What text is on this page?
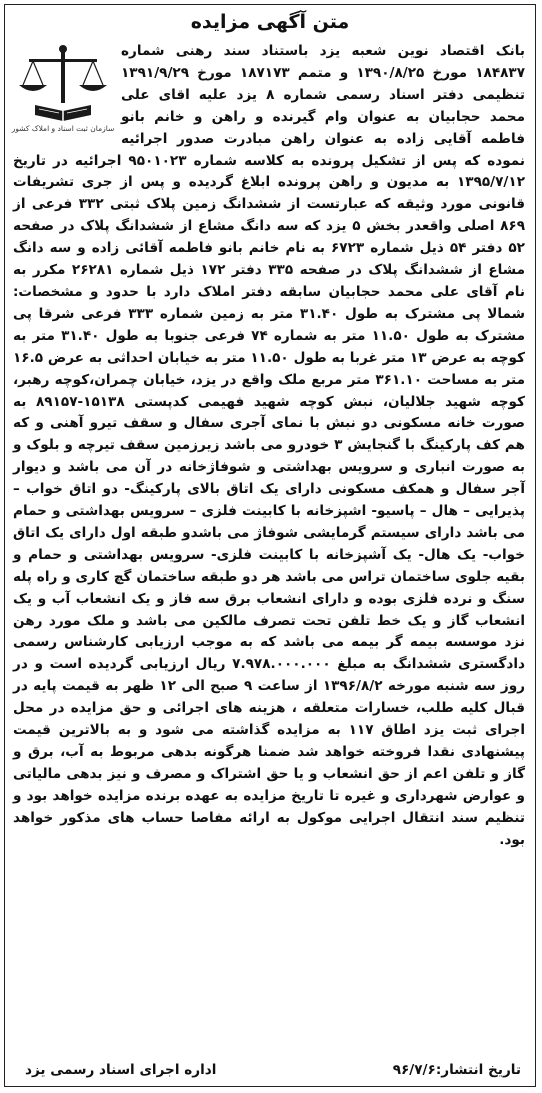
متن آگهی مزایده
سازمان ثبت اسناد و املاک کشور
بانک اقتصاد نوین شعبه یزد باستناد سند رهنی شماره ۱۸۴۸۳۷ مورخ ۱۳۹۰/۸/۲۵ و متمم ۱۸۷۱۷۳ مورخ ۱۳۹۱/۹/۲۹ تنظیمی دفتر اسناد رسمی شماره ۸ یزد علیه اقای علی محمد حجابیان به عنوان وام گیرنده و راهن و خانم بانو فاطمه آقایی زاده به عنوان راهن مبادرت صدور اجرائیه نموده که پس از تشکیل پرونده به کلاسه شماره ۹۵۰۱۰۲۳ اجرائیه در تاریخ ۱۳۹۵/۷/۱۲ به مدیون و راهن پرونده ابلاغ گردیده و پس از جری تشریفات قانونی مورد وثیقه که عبارتست از ششدانگ زمین پلاک ثبتی ۳۳۲ فرعی از ۸۶۹ اصلی واقعدر بخش ۵ یزد که سه دانگ مشاع از ششدانگ پلاک در صفحه ۵۲ دفتر ۵۴ ذیل شماره ۶۷۲۳ به نام خانم بانو فاطمه آقائی زاده و سه دانگ مشاع از ششدانگ پلاک در صفحه ۳۳۵ دفتر ۱۷۲ ذیل شماره ۲۶۲۸۱ مکرر به نام آقای علی محمد حجابیان سابقه دفتر املاک دارد با حدود و مشخصات: شمالا پی مشترک به طول ۳۱.۴۰ متر به زمین شماره ۳۳۳ فرعی شرقا پی مشترک به طول ۱۱.۵۰ متر به شماره ۷۴ فرعی جنوبا به طول ۳۱.۴۰ متر به کوچه به عرض ۱۳ متر غربا به طول ۱۱.۵۰ متر به خیابان احداثی به عرض ۱۶.۵ متر به مساحت ۳۶۱.۱۰ متر مربع ملک واقع در یزد، خیابان چمران،کوچه رهبر، کوچه شهید جلالیان، نبش کوچه شهید فهیمی کدپستی ۱۵۱۳۸-۸۹۱۵۷ به صورت خانه مسکونی دو نبش با نمای آجری سفال و سقف تیرو آهنی و که هم کف پارکینگ با گنجایش ۳ خودرو می باشد زیرزمین سقف تیرچه و بلوک و به صورت انباری و سرویس بهداشتی و شوفاژخانه در آن می باشد و دیوار آجر سفال و همکف مسکونی دارای یک اتاق بالای پارکینگ- دو اتاق خواب – پذیرایی – هال – پاسیو- اشپزخانه با کابینت فلزی – سرویس بهداشتی و حمام می باشد دارای سیستم گرمایشی شوفاژ می باشدو طبقه اول دارای یک اتاق خواب- یک هال- یک آشپزخانه با کابینت فلزی- سرویس بهداشتی و حمام و بقیه جلوی ساختمان تراس می باشد هر دو طبقه ساختمان گچ کاری و راه پله سنگ و نرده فلزی بوده و دارای انشعاب برق سه فاز و یک انشعاب آب و یک انشعاب گاز و یک خط تلفن تحت تصرف مالکین می باشد و ملک مورد رهن نزد موسسه بیمه گر بیمه می باشد که به موجب ارزیابی کارشناس رسمی دادگستری ششدانگ به مبلغ ۷.۹۷۸.۰۰۰.۰۰۰ ریال ارزیابی گردیده است و در روز سه شنبه مورخه ۱۳۹۶/۸/۲ از ساعت ۹ صبح الی ۱۲ ظهر به قیمت پایه در قبال کلیه طلب، خسارات متعلقه ، هزینه های اجرائی و حق مزایده در محل اجرای ثبت یزد اطاق ۱۱۷ به مزایده گذاشته می شود و به بالاترین قیمت پیشنهادی نقدا فروخته خواهد شد ضمنا هرگونه بدهی مربوط به آب، برق و گاز و تلفن اعم از حق انشعاب و یا حق اشتراک و مصرف و نیز بدهی مالیاتی و عوارض شهرداری و غیره تا تاریخ مزایده به عهده برنده مزایده خواهد بود و تنظیم سند انتقال اجرایی موکول به ارائه مفاصا حساب های مذکور خواهد بود.
تاریخ انتشار:۹۶/۷/۶
اداره اجرای اسناد رسمی یزد
